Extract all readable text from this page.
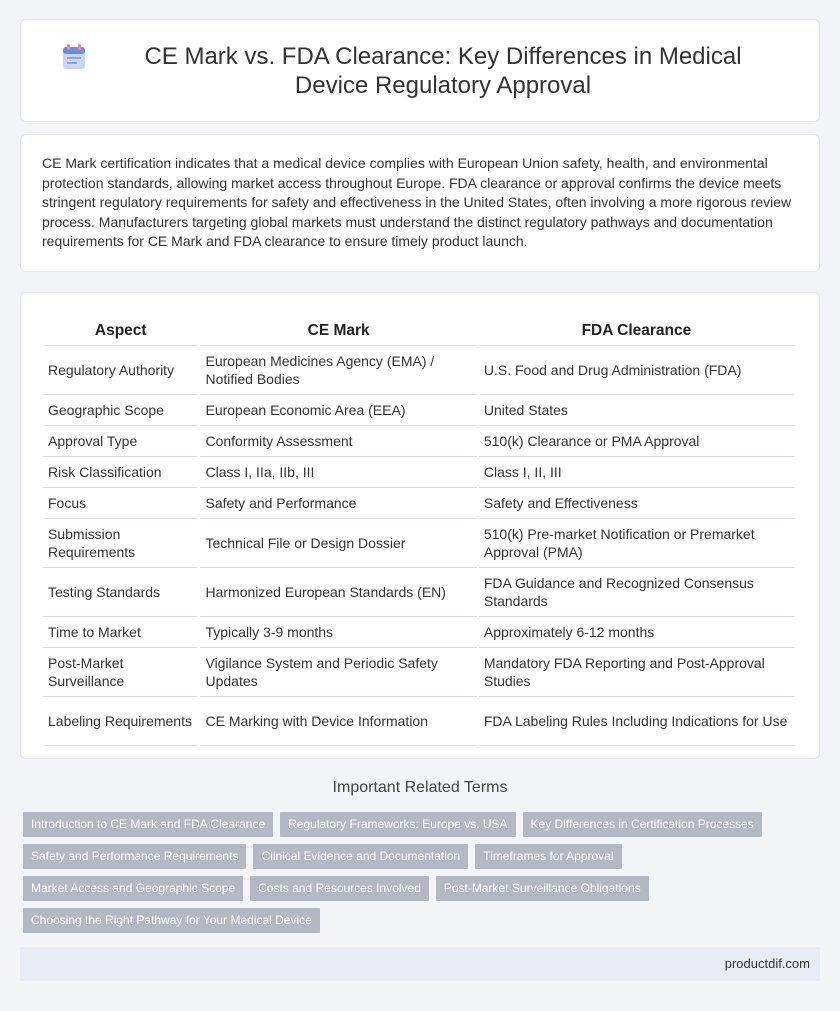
CE Mark vs. FDA Clearance: Key Differences in Medical Device Regulatory Approval

CE Mark certification indicates that a medical device complies with European Union safety, health, and environmental protection standards, allowing market access throughout Europe. FDA clearance or approval confirms the device meets stringent regulatory requirements for safety and effectiveness in the United States, often involving a more rigorous review process. Manufacturers targeting global markets must understand the distinct regulatory pathways and documentation requirements for CE Mark and FDA clearance to ensure timely product launch.

Aspect	CE Mark	FDA Clearance
Regulatory Authority	European Medicines Agency (EMA) / Notified Bodies	U.S. Food and Drug Administration (FDA)
Geographic Scope	European Economic Area (EEA)	United States
Approval Type	Conformity Assessment	510(k) Clearance or PMA Approval
Risk Classification	Class I, IIa, IIb, III	Class I, II, III
Focus	Safety and Performance	Safety and Effectiveness
Submission Requirements	Technical File or Design Dossier	510(k) Pre-market Notification or Premarket Approval (PMA)
Testing Standards	Harmonized European Standards (EN)	FDA Guidance and Recognized Consensus Standards
Time to Market	Typically 3-9 months	Approximately 6-12 months
Post-Market Surveillance	Vigilance System and Periodic Safety Updates	Mandatory FDA Reporting and Post-Approval Studies
Labeling Requirements	CE Marking with Device Information	FDA Labeling Rules Including Indications for Use
Important Related Terms
Introduction to CE Mark and FDA Clearance	Regulatory Frameworks: Europe vs. USA	Key Differences in Certification Processes
Safety and Performance Requirements	Clinical Evidence and Documentation	Timeframes for Approval
Market Access and Geographic Scope	Costs and Resources Involved	Post-Market Surveillance Obligations
Choosing the Right Pathway for Your Medical Device
productdif.com
